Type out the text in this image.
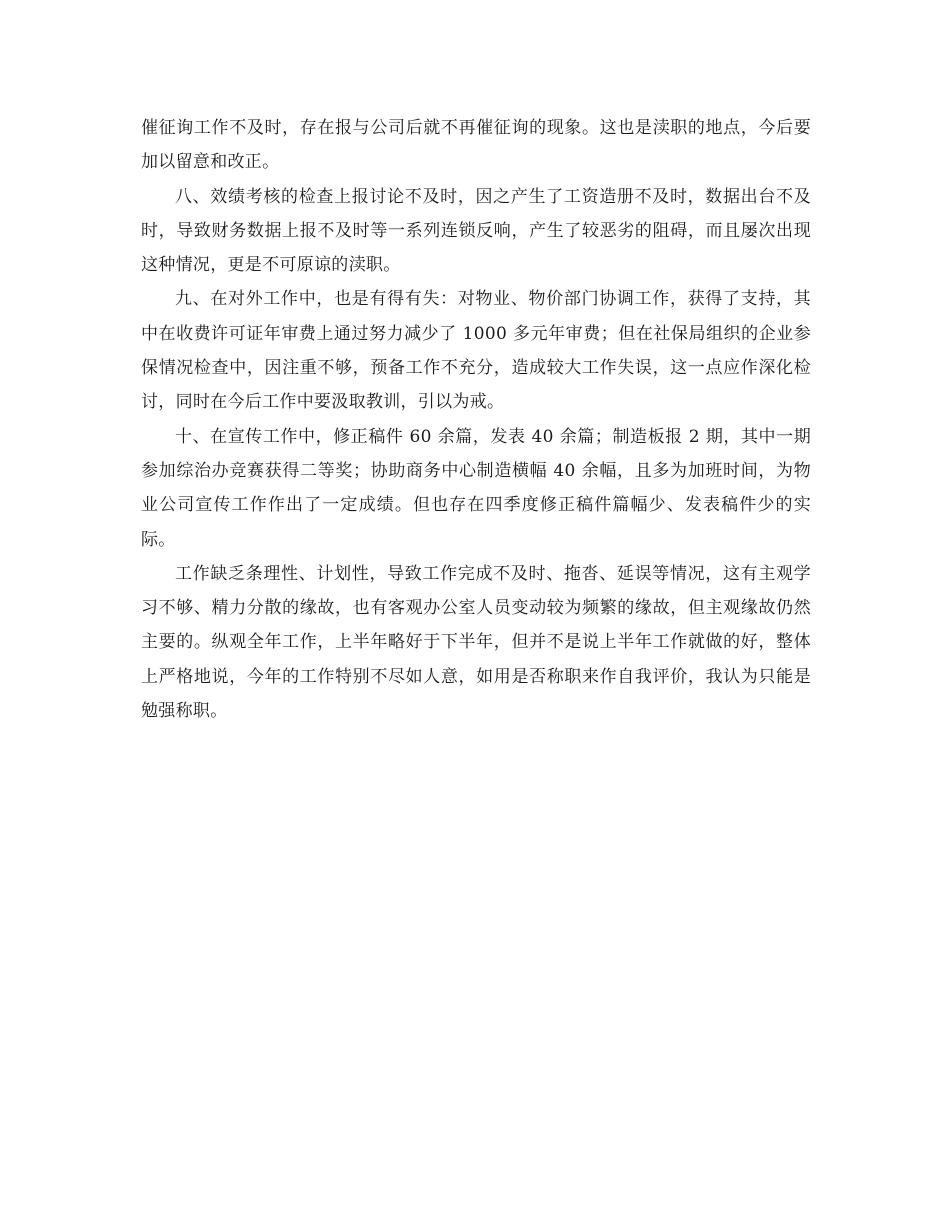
催征询工作不及时，存在报与公司后就不再催征询的现象。这也是渎职的地点，今后要加以留意和改正。

八、效绩考核的检查上报讨论不及时，因之产生了工资造册不及时，数据出台不及时，导致财务数据上报不及时等一系列连锁反响，产生了较恶劣的阻碍，而且屡次出现这种情况，更是不可原谅的渎职。

九、在对外工作中，也是有得有失：对物业、物价部门协调工作，获得了支持，其中在收费许可证年审费上通过努力减少了 1000 多元年审费；但在社保局组织的企业参保情况检查中，因注重不够，预备工作不充分，造成较大工作失误，这一点应作深化检讨，同时在今后工作中要汲取教训，引以为戒。

十、在宣传工作中，修正稿件 60 余篇，发表 40 余篇；制造板报 2 期，其中一期参加综治办竞赛获得二等奖；协助商务中心制造横幅 40 余幅，且多为加班时间，为物业公司宣传工作作出了一定成绩。但也存在四季度修正稿件篇幅少、发表稿件少的实际。

工作缺乏条理性、计划性，导致工作完成不及时、拖沓、延误等情况，这有主观学习不够、精力分散的缘故，也有客观办公室人员变动较为频繁的缘故，但主观缘故仍然主要的。纵观全年工作，上半年略好于下半年，但并不是说上半年工作就做的好，整体上严格地说，今年的工作特别不尽如人意，如用是否称职来作自我评价，我认为只能是勉强称职。
